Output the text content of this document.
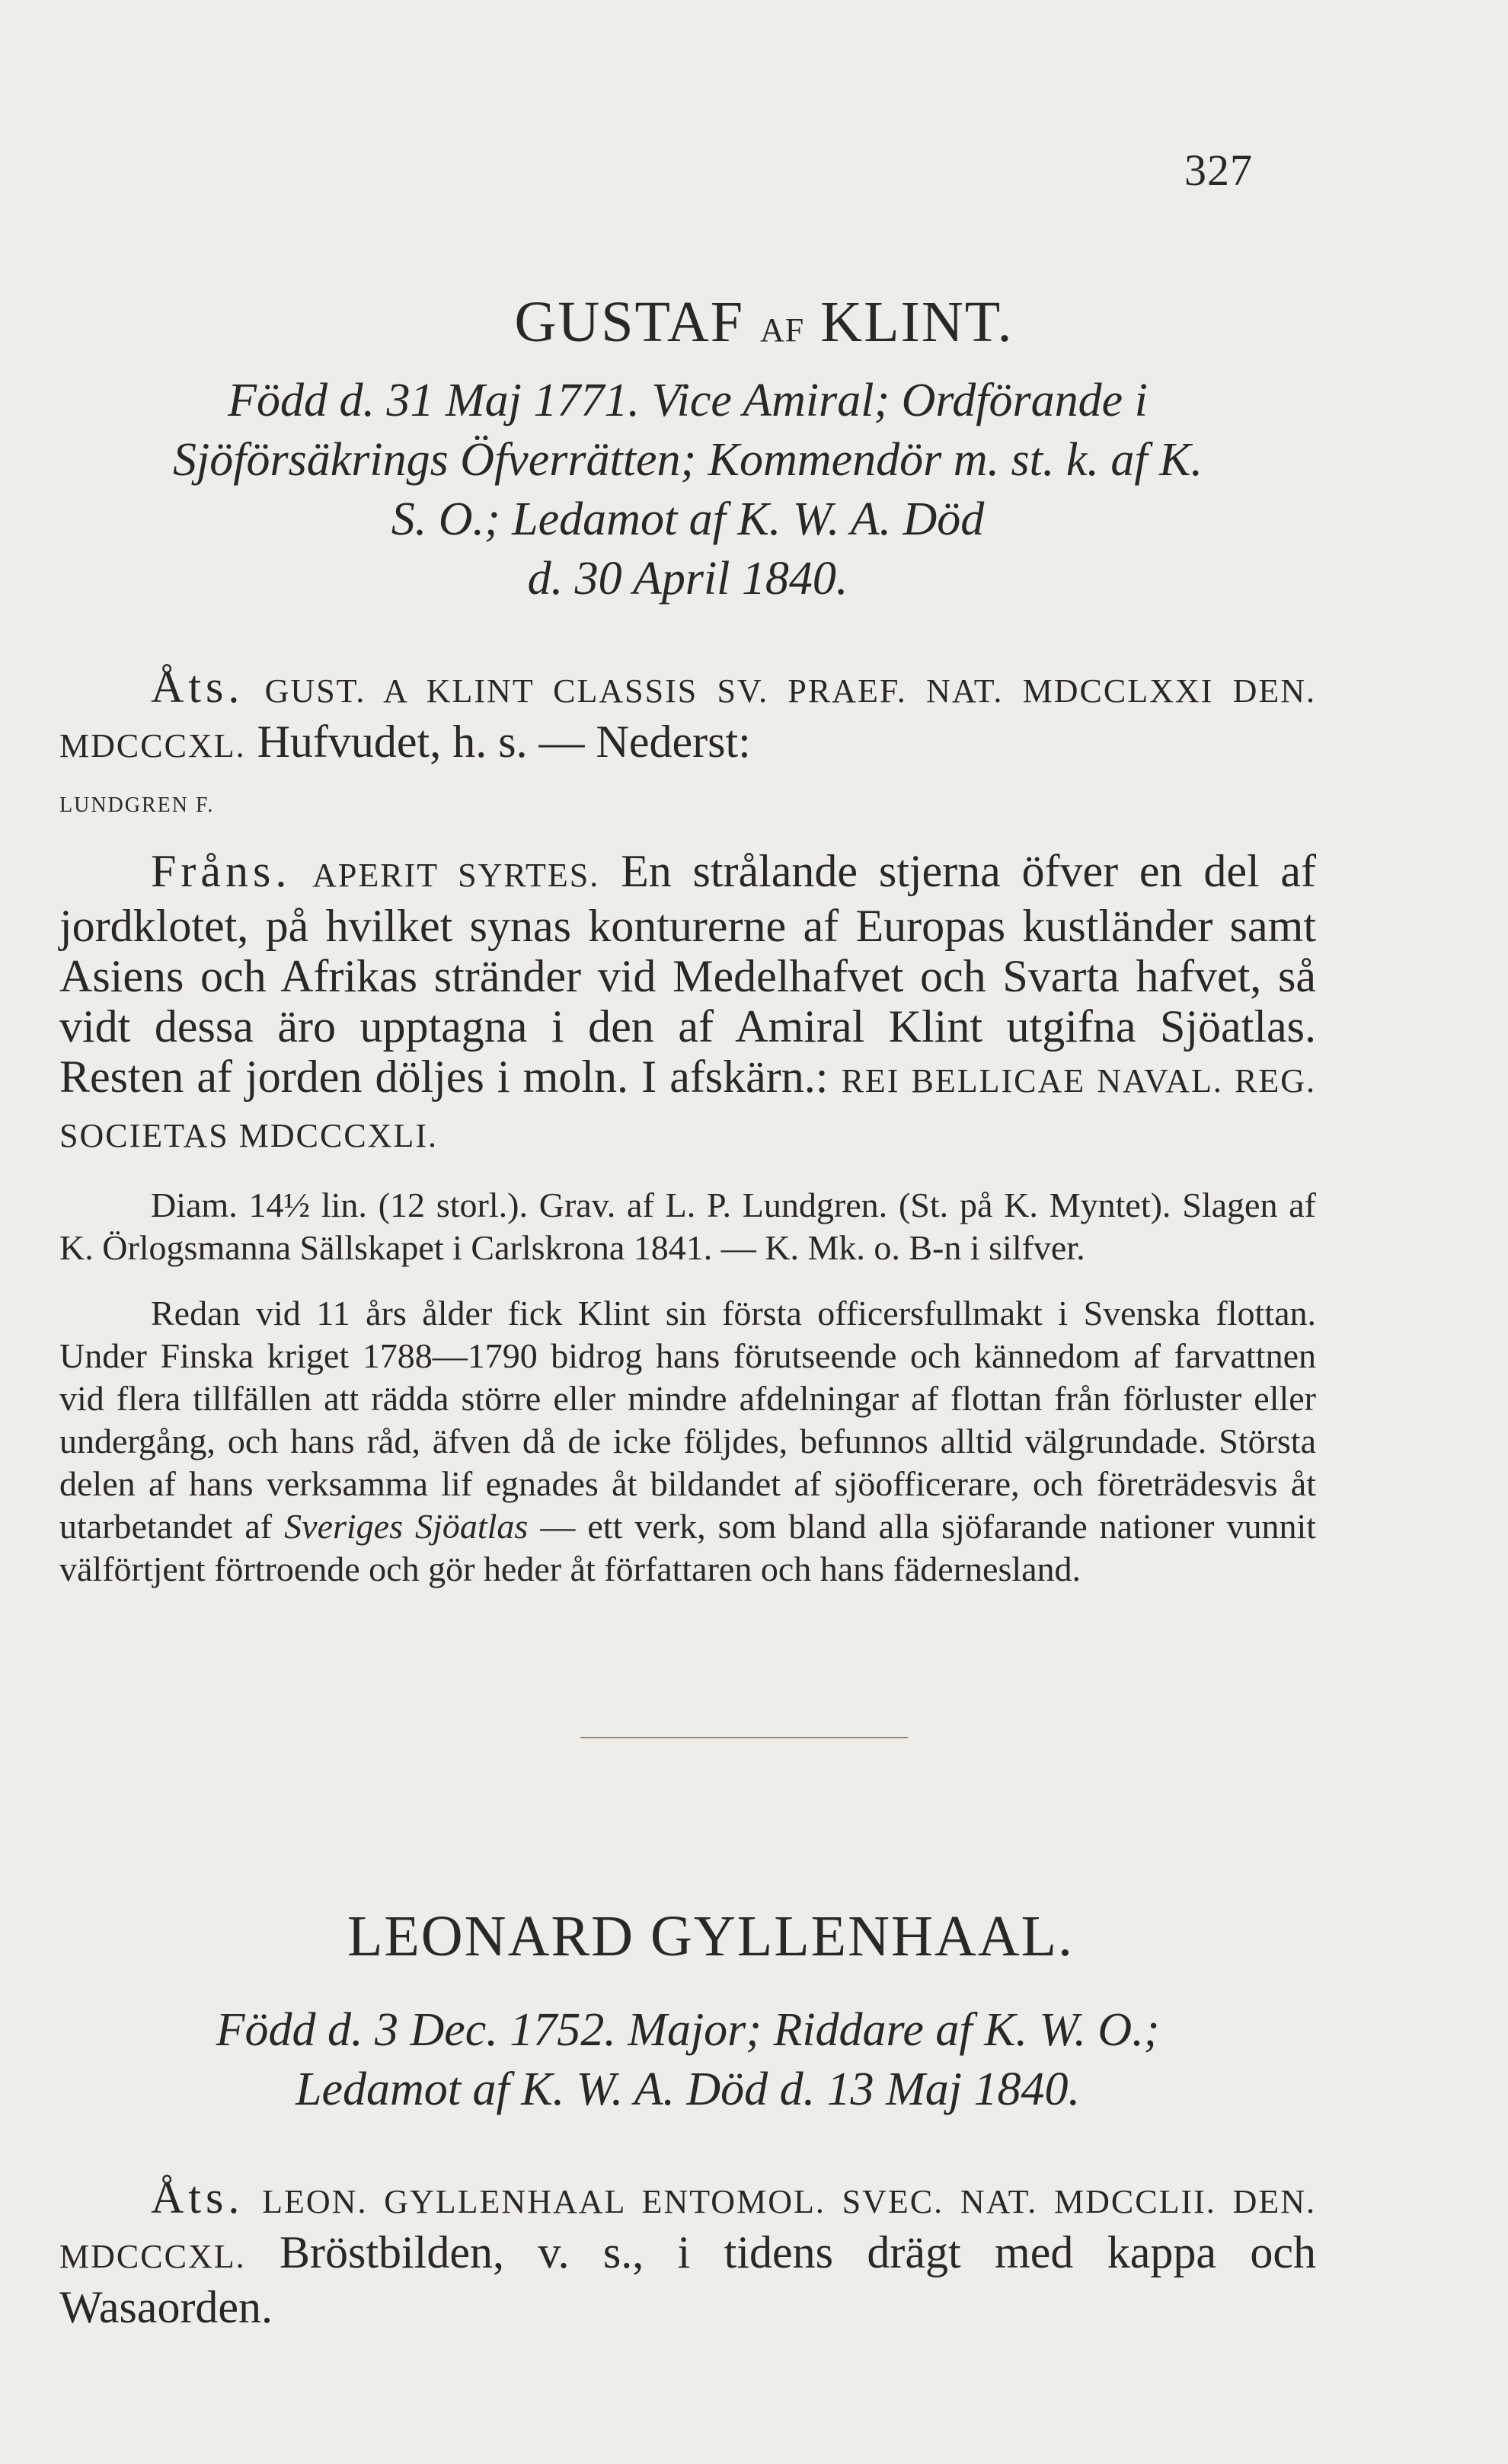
327
GUSTAF AF KLINT.
Född d. 31 Maj 1771. Vice Amiral; Ordförande i
Sjöförsäkrings Öfverrätten; Kommendör m. st. k. af K.
S. O.; Ledamot af K. W. A. Död
d. 30 April 1840.

Åts. GUST. A KLINT CLASSIS SV. PRAEF. NAT. MDCCLXXI DEN. MDCCCXL. Hufvudet, h. s. — Nederst:
LUNDGREN F.

Fråns. APERIT SYRTES. En strålande stjerna öfver en del af jordklotet, på hvilket synas konturerne af Europas kustländer samt Asiens och Afrikas stränder vid Medelhafvet och Svarta hafvet, så vidt dessa äro upptagna i den af Amiral Klint utgifna Sjöatlas. Resten af jorden döljes i moln. I afskärn.: REI BELLICAE NAVAL. REG. SOCIETAS MDCCCXLI.

Diam. 14½ lin. (12 storl.). Grav. af L. P. Lundgren. (St. på K. Myntet). Slagen af K. Örlogsmanna Sällskapet i Carlskrona 1841. — K. Mk. o. B-n i silfver.

Redan vid 11 års ålder fick Klint sin första officersfullmakt i Svenska flottan. Under Finska kriget 1788—1790 bidrog hans förutseende och kännedom af farvattnen vid flera tillfällen att rädda större eller mindre afdelningar af flottan från förluster eller undergång, och hans råd, äfven då de icke följdes, befunnos alltid välgrundade. Största delen af hans verksamma lif egnades åt bildandet af sjöofficerare, och företrädesvis åt utarbetandet af Sveriges Sjöatlas — ett verk, som bland alla sjöfarande nationer vunnit välförtjent förtroende och gör heder åt författaren och hans fädernesland.

LEONARD GYLLENHAAL.
Född d. 3 Dec. 1752. Major; Riddare af K. W. O.;
Ledamot af K. W. A. Död d. 13 Maj 1840.

Åts. LEON. GYLLENHAAL ENTOMOL. SVEC. NAT. MDCCLII. DEN. MDCCCXL. Bröstbilden, v. s., i tidens drägt med kappa och Wasaorden.
